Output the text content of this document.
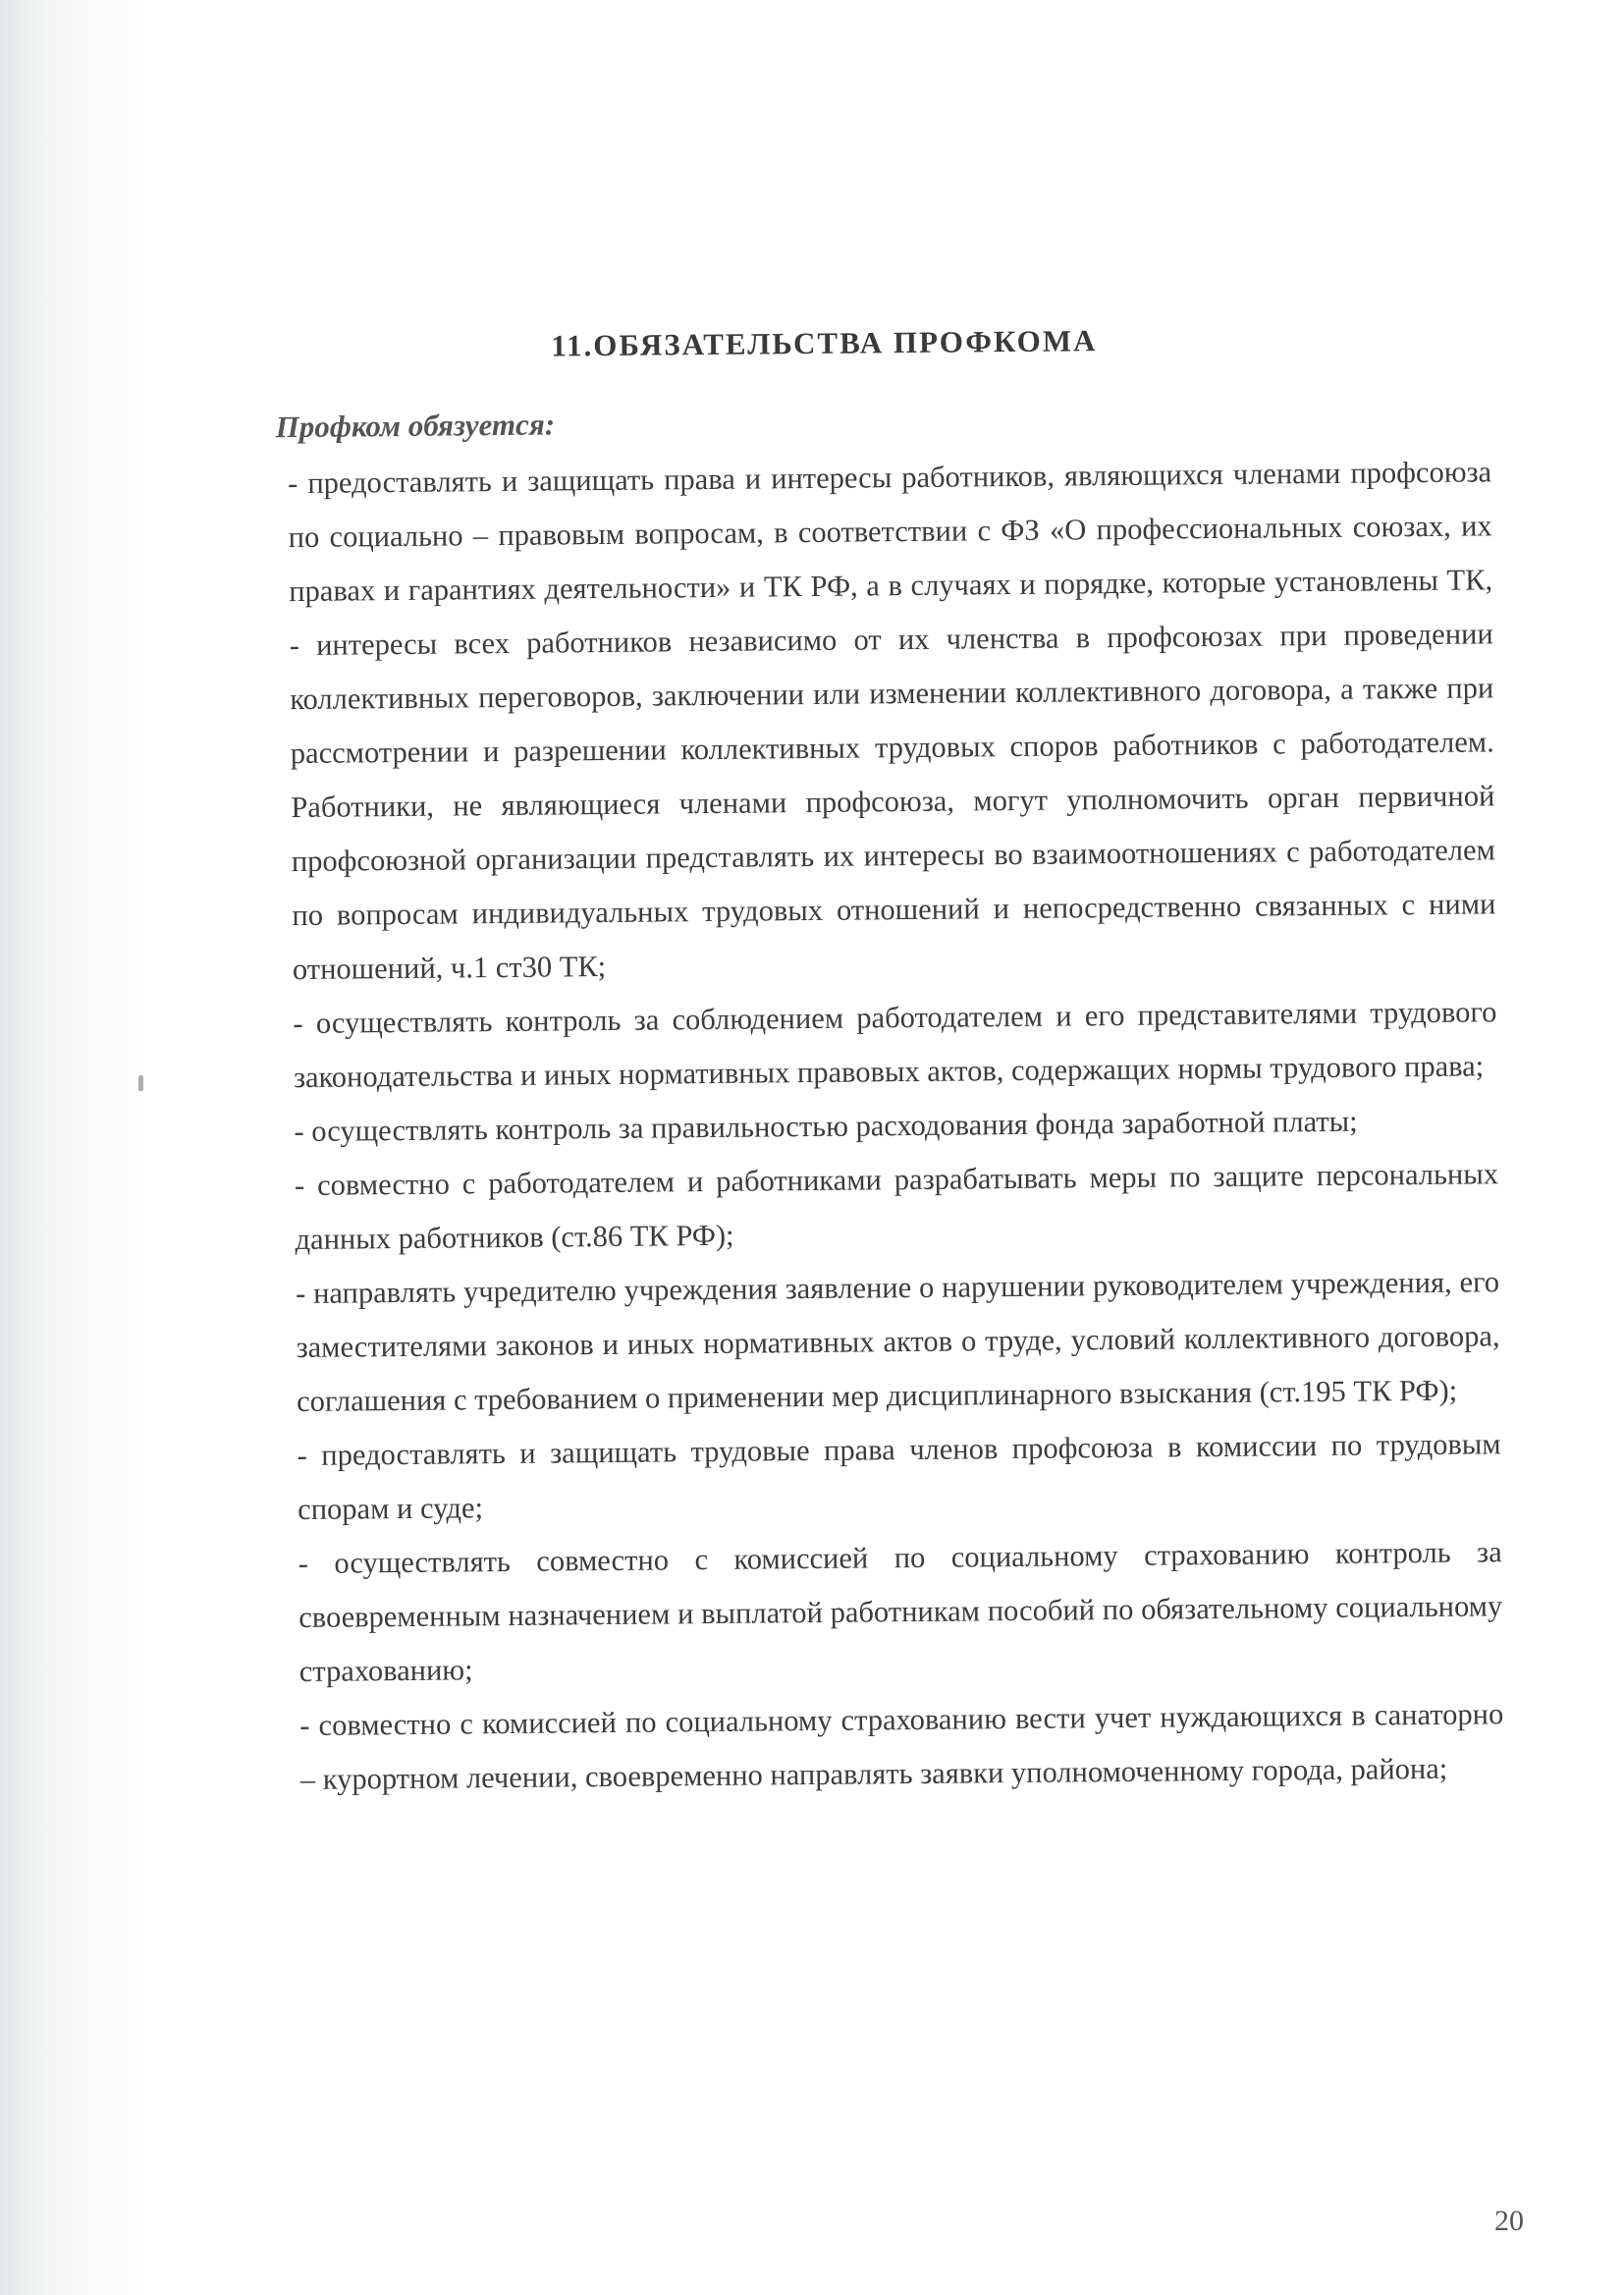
11.ОБЯЗАТЕЛЬСТВА ПРОФКОМА
Профком обязуется:

- предоставлять и защищать права и интересы работников, являющихся членами профсоюза по социально – правовым вопросам, в соответствии с ФЗ «О профессиональных союзах, их правах и гарантиях деятельности» и ТК РФ, а в случаях и порядке, которые установлены ТК, - интересы всех работников независимо от их членства в профсоюзах при проведении коллективных переговоров, заключении или изменении коллективного договора, а также при рассмотрении и разрешении коллективных трудовых споров работников с работодателем. Работники, не являющиеся членами профсоюза, могут уполномочить орган первичной профсоюзной организации представлять их интересы во взаимоотношениях с работодателем по вопросам индивидуальных трудовых отношений и непосредственно связанных с ними отношений, ч.1 ст30 ТК;

- осуществлять контроль за соблюдением работодателем и его представителями трудового законодательства и иных нормативных правовых актов, содержащих нормы трудового права;

- осуществлять контроль за правильностью расходования фонда заработной платы;

- совместно с работодателем и работниками разрабатывать меры по защите персональных данных работников (ст.86 ТК РФ);

- направлять учредителю учреждения заявление о нарушении руководителем учреждения, его заместителями законов и иных нормативных актов о труде, условий коллективного договора, соглашения с требованием о применении мер дисциплинарного взыскания (ст.195 ТК РФ);

- предоставлять и защищать трудовые права членов профсоюза в комиссии по трудовым спорам и суде;

- осуществлять совместно с комиссией по социальному страхованию контроль за своевременным назначением и выплатой работникам пособий по обязательному социальному страхованию;

- совместно с комиссией по социальному страхованию вести учет нуждающихся в санаторно – курортном лечении, своевременно направлять заявки уполномоченному города, района;

20
